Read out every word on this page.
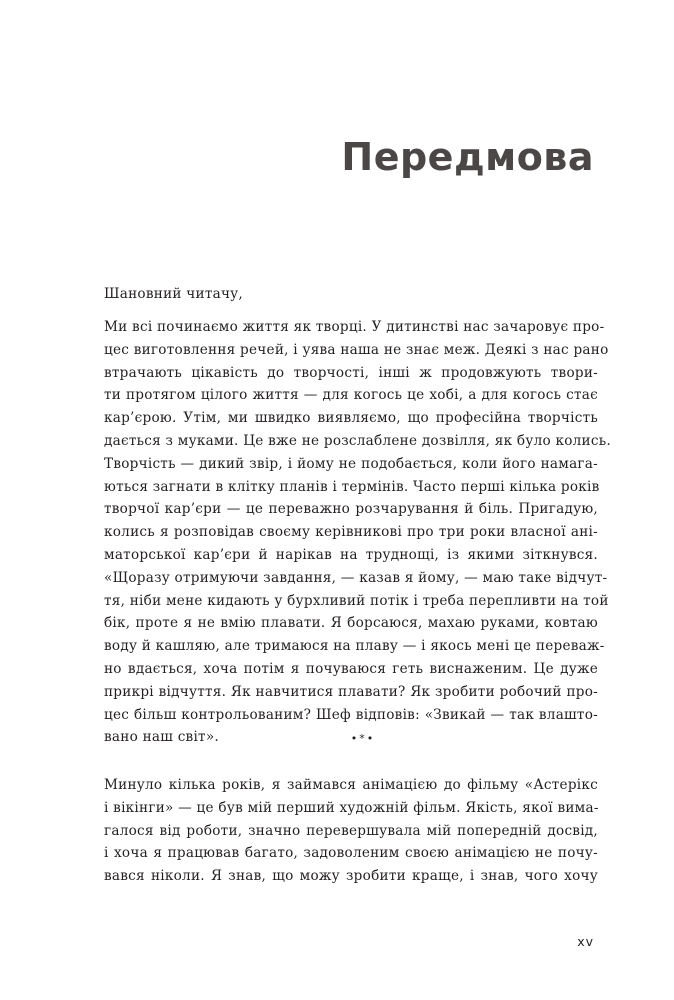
Передмова
Шановний читачу,
Ми всі починаємо життя як творці. У дитинстві нас зачаровує про-
цес виготовлення речей, і уява наша не знає меж. Деякі з нас рано
втрачають цікавість до творчості, інші ж продовжують твори-
ти протягом цілого життя — для когось це хобі, а для когось стає
кар’єрою. Утім, ми швидко виявляємо, що професійна творчість
дається з муками. Це вже не розслаблене дозвілля, як було колись.
Творчість — дикий звір, і йому не подобається, коли його намага-
ються загнати в клітку планів і термінів. Часто перші кілька років
творчої кар’єри — це переважно розчарування й біль. Пригадую,
колись я розповідав своєму керівникові про три роки власної ані-
маторської кар’єри й нарікав на труднощі, із якими зіткнувся.
«Щоразу отримуючи завдання, — казав я йому, — маю таке відчут-
тя, ніби мене кидають у бурхливий потік і треба перепливти на той
бік, проте я не вмію плавати. Я борсаюся, махаю руками, ковтаю
воду й кашляю, але тримаюся на плаву — і якось мені це переваж-
но вдається, хоча потім я почуваюся геть виснаженим. Це дуже
прикрі відчуття. Як навчитися плавати? Як зробити робочий про-
цес більш контрольованим? Шеф відповів: «Звикай — так влашто-
вано наш світ».	•*•
Минуло кілька років, я займався анімацією до фільму «Астерікс
і вікінги» — це був мій перший художній фільм. Якість, якої вима-
галося від роботи, значно перевершувала мій попередній досвід,
і хоча я працював багато, задоволеним своєю анімацією не почу-
вався ніколи. Я знав, що можу зробити краще, і знав, чого хочу
xv
